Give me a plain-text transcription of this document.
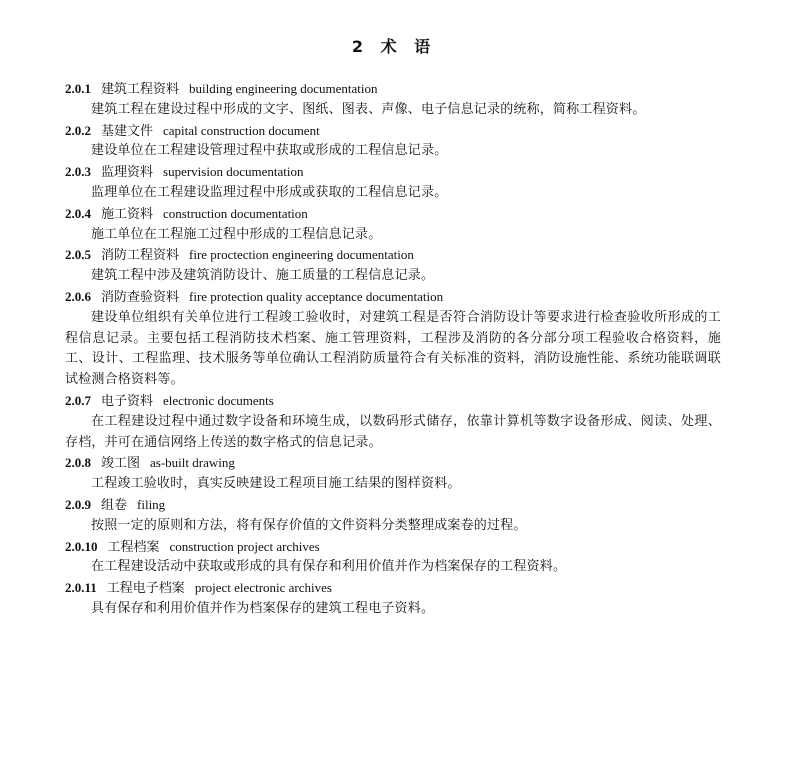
2 术 语
2.0.1 建筑工程资料 building engineering documentation
建筑工程在建设过程中形成的文字、图纸、图表、声像、电子信息记录的统称，简称工程资料。
2.0.2 基建文件 capital construction document
建设单位在工程建设管理过程中获取或形成的工程信息记录。
2.0.3 监理资料 supervision documentation
监理单位在工程建设监理过程中形成或获取的工程信息记录。
2.0.4 施工资料 construction documentation
施工单位在工程施工过程中形成的工程信息记录。
2.0.5 消防工程资料 fire proctection engineering documentation
建筑工程中涉及建筑消防设计、施工质量的工程信息记录。
2.0.6 消防查验资料 fire protection quality acceptance documentation
建设单位组织有关单位进行工程竣工验收时，对建筑工程是否符合消防设计等要求进行检查验收所形成的工程信息记录。主要包括工程消防技术档案、施工管理资料，工程涉及消防的各分部分项工程验收合格资料，施工、设计、工程监理、技术服务等单位确认工程消防质量符合有关标准的资料，消防设施性能、系统功能联调联试检测合格资料等。
2.0.7 电子资料 electronic documents
在工程建设过程中通过数字设备和环境生成，以数码形式储存，依靠计算机等数字设备形成、阅读、处理、存档，并可在通信网络上传送的数字格式的信息记录。
2.0.8 竣工图 as-built drawing
工程竣工验收时，真实反映建设工程项目施工结果的图样资料。
2.0.9 组卷 filing
按照一定的原则和方法，将有保存价值的文件资料分类整理成案卷的过程。
2.0.10 工程档案 construction project archives
在工程建设活动中获取或形成的具有保存和利用价值并作为档案保存的工程资料。
2.0.11 工程电子档案 project electronic archives
具有保存和利用价值并作为档案保存的建筑工程电子资料。
